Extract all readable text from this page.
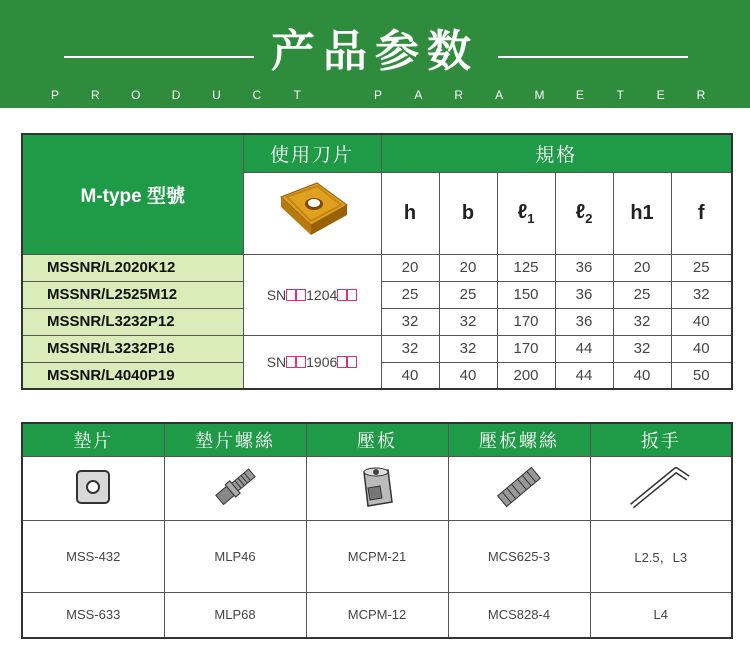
产品参数
P	R	O	D	U	C	T	P	A	R	A	M	E	T	E	R
M-type 型號	使用刀片	規格					
	h	b	ℓ$_1$	ℓ$_2$	h1	f
MSSNR/L2020K12	SN 1204	20	20	125	36	20	25
MSSNR/L2525M12		25	25	150	36	25	32
MSSNR/L3232P12		32	32	170	36	32	40
MSSNR/L3232P16	SN 1906	32	32	170	44	32	40
MSSNR/L4040P19		40	40	200	44	40	50
墊片	墊片螺絲	壓板	壓板螺絲	扳手

MSS-432	MLP46	MCPM-21	MCS625-3	L2.5，L3
MSS-633	MLP68	MCPM-12	MCS828-4	L4
